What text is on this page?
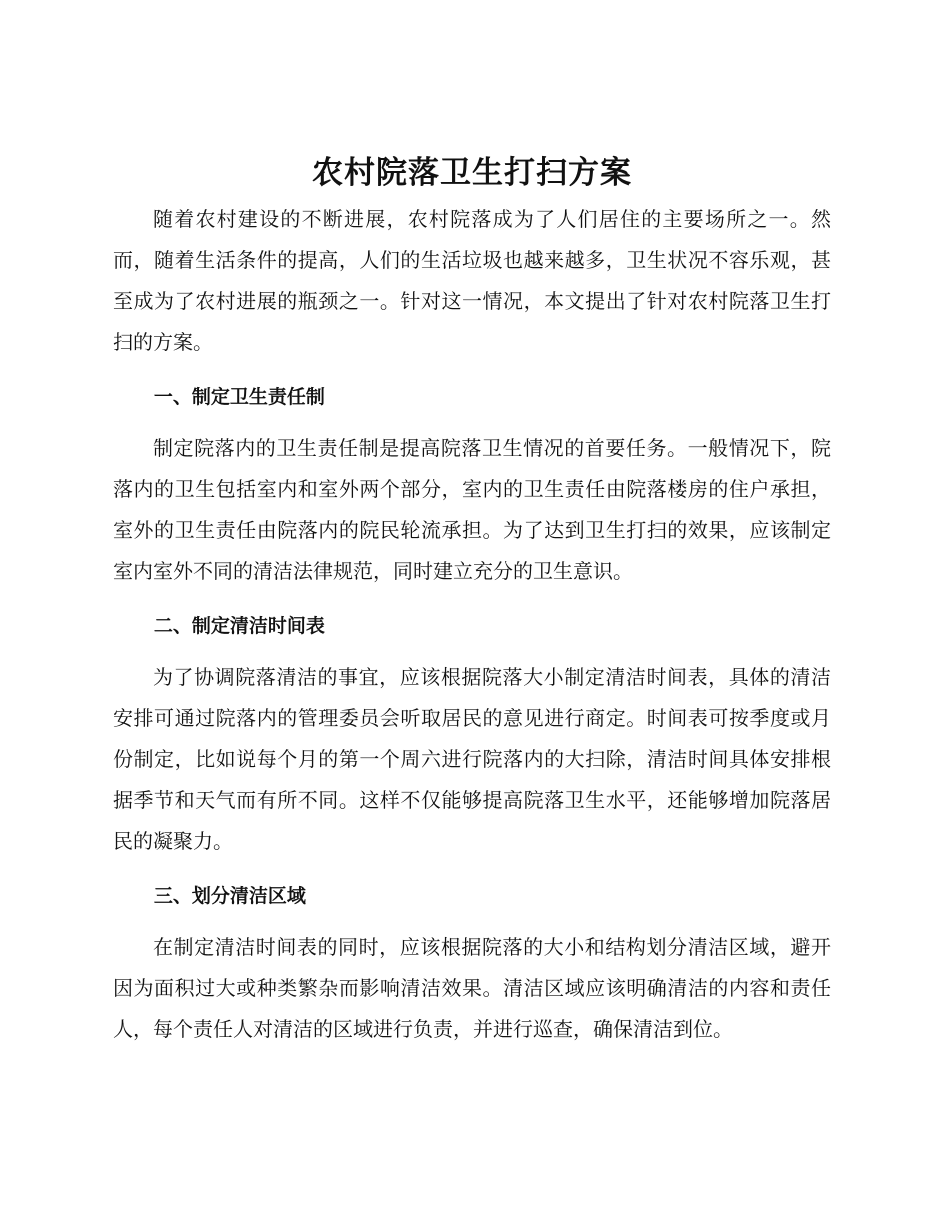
农村院落卫生打扫方案

随着农村建设的不断进展，农村院落成为了人们居住的主要场所之一。然而，随着生活条件的提高，人们的生活垃圾也越来越多，卫生状况不容乐观，甚至成为了农村进展的瓶颈之一。针对这一情况，本文提出了针对农村院落卫生打扫的方案。

一、制定卫生责任制

制定院落内的卫生责任制是提高院落卫生情况的首要任务。一般情况下，院落内的卫生包括室内和室外两个部分，室内的卫生责任由院落楼房的住户承担，室外的卫生责任由院落内的院民轮流承担。为了达到卫生打扫的效果，应该制定室内室外不同的清洁法律规范，同时建立充分的卫生意识。

二、制定清洁时间表

为了协调院落清洁的事宜，应该根据院落大小制定清洁时间表，具体的清洁安排可通过院落内的管理委员会听取居民的意见进行商定。时间表可按季度或月份制定，比如说每个月的第一个周六进行院落内的大扫除，清洁时间具体安排根据季节和天气而有所不同。这样不仅能够提高院落卫生水平，还能够增加院落居民的凝聚力。

三、划分清洁区域

在制定清洁时间表的同时，应该根据院落的大小和结构划分清洁区域，避开因为面积过大或种类繁杂而影响清洁效果。清洁区域应该明确清洁的内容和责任人，每个责任人对清洁的区域进行负责，并进行巡查，确保清洁到位。
